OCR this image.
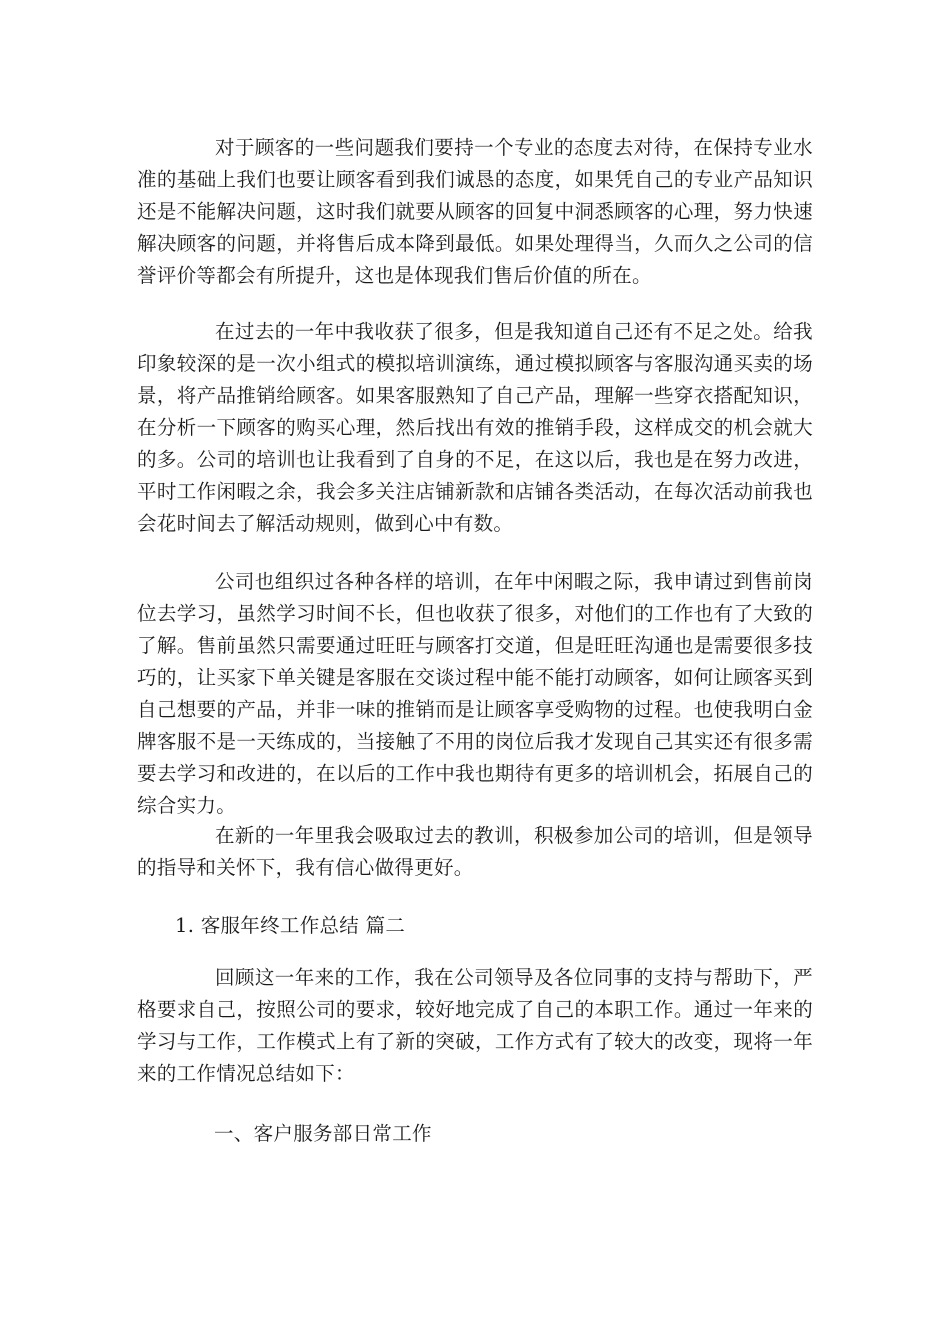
对于顾客的一些问题我们要持一个专业的态度去对待，在保持专业水准的基础上我们也要让顾客看到我们诚恳的态度，如果凭自己的专业产品知识还是不能解决问题，这时我们就要从顾客的回复中洞悉顾客的心理，努力快速解决顾客的问题，并将售后成本降到最低。如果处理得当，久而久之公司的信誉评价等都会有所提升，这也是体现我们售后价值的所在。

在过去的一年中我收获了很多，但是我知道自己还有不足之处。给我印象较深的是一次小组式的模拟培训演练，通过模拟顾客与客服沟通买卖的场景，将产品推销给顾客。如果客服熟知了自己产品，理解一些穿衣搭配知识，在分析一下顾客的购买心理，然后找出有效的推销手段，这样成交的机会就大的多。公司的培训也让我看到了自身的不足，在这以后，我也是在努力改进，平时工作闲暇之余，我会多关注店铺新款和店铺各类活动，在每次活动前我也会花时间去了解活动规则，做到心中有数。

公司也组织过各种各样的培训，在年中闲暇之际，我申请过到售前岗位去学习，虽然学习时间不长，但也收获了很多，对他们的工作也有了大致的了解。售前虽然只需要通过旺旺与顾客打交道，但是旺旺沟通也是需要很多技巧的，让买家下单关键是客服在交谈过程中能不能打动顾客，如何让顾客买到自己想要的产品，并非一味的推销而是让顾客享受购物的过程。也使我明白金牌客服不是一天练成的，当接触了不用的岗位后我才发现自己其实还有很多需要去学习和改进的，在以后的工作中我也期待有更多的培训机会，拓展自己的综合实力。

在新的一年里我会吸取过去的教训，积极参加公司的培训，但是领导的指导和关怀下，我有信心做得更好。

1. 客服年终工作总结 篇二

回顾这一年来的工作，我在公司领导及各位同事的支持与帮助下，严格要求自己，按照公司的要求，较好地完成了自己的本职工作。通过一年来的学习与工作，工作模式上有了新的突破，工作方式有了较大的改变，现将一年来的工作情况总结如下：

一、客户服务部日常工作
